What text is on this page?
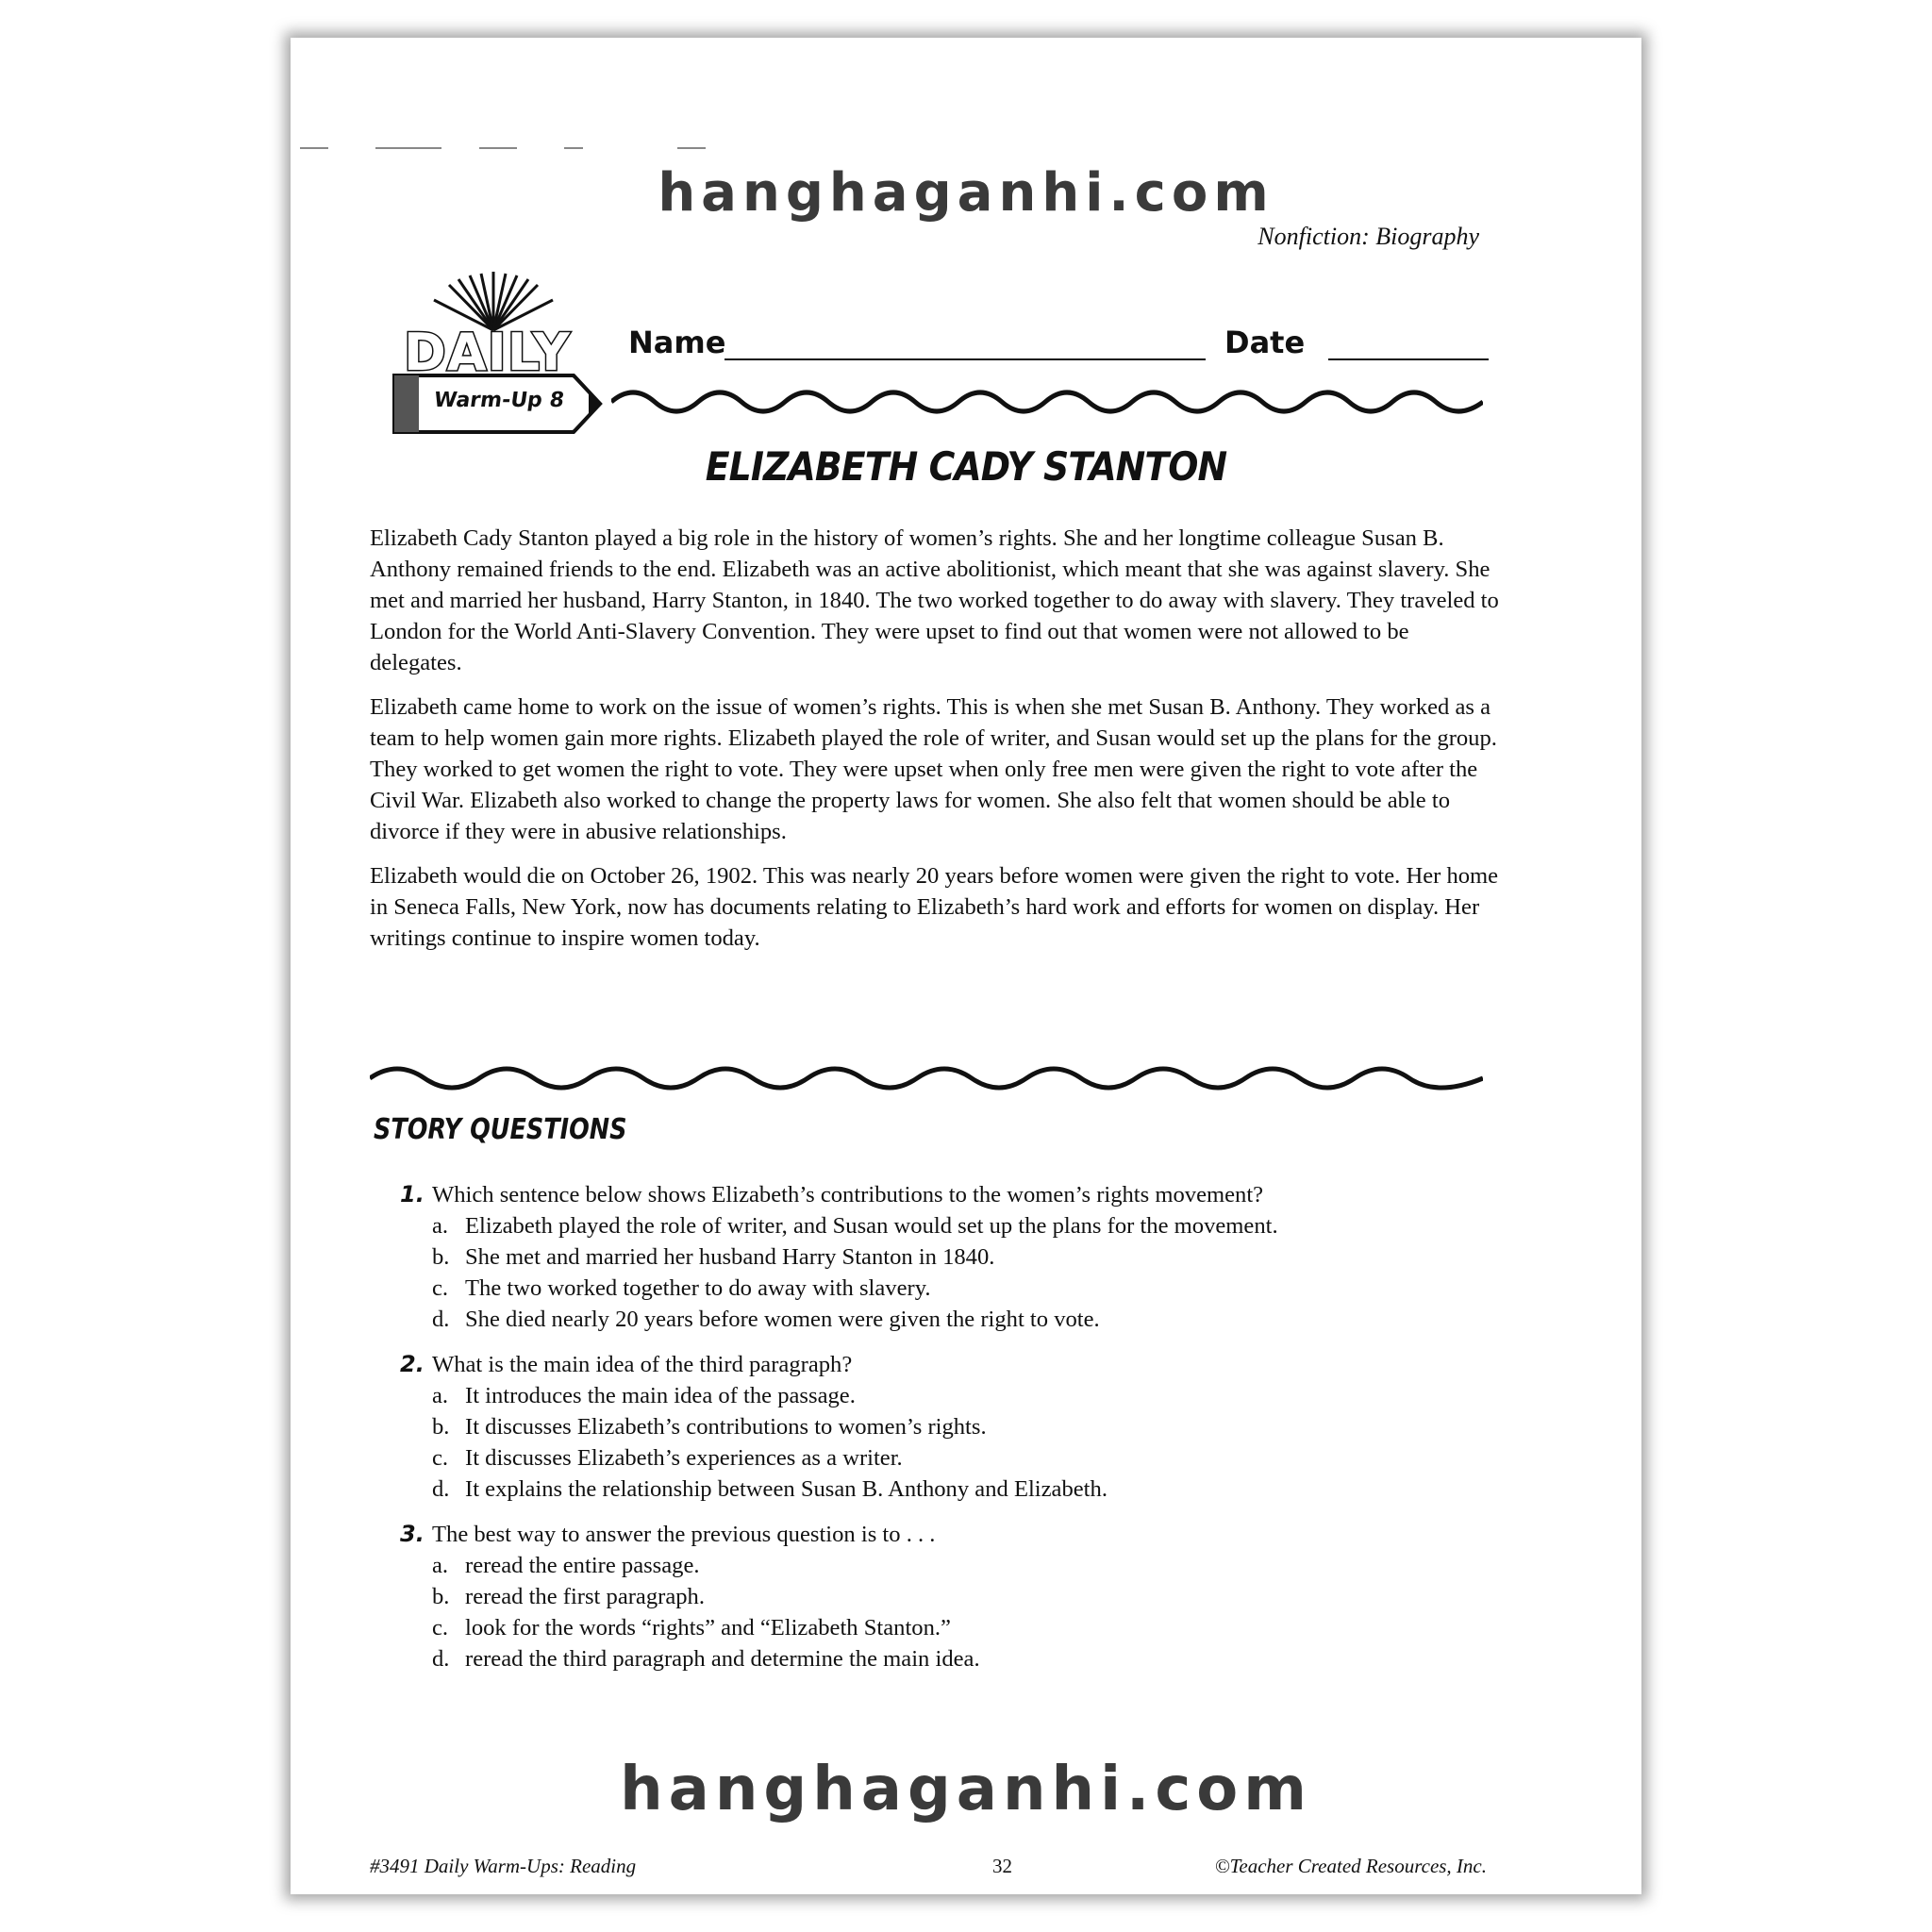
hanghaganhi.com
Nonfiction: Biography
DAILY
Warm-Up 8
Name	Date
ELIZABETH CADY STANTON

Elizabeth Cady Stanton played a big role in the history of women’s rights. She and her longtime colleague Susan B. Anthony remained friends to the end. Elizabeth was an active abolitionist, which meant that she was against slavery. She met and married her husband, Harry Stanton, in 1840. The two worked together to do away with slavery. They traveled to London for the World Anti-Slavery Convention. They were upset to find out that women were not allowed to be delegates.

Elizabeth came home to work on the issue of women’s rights. This is when she met Susan B. Anthony. They worked as a team to help women gain more rights. Elizabeth played the role of writer, and Susan would set up the plans for the group. They worked to get women the right to vote. They were upset when only free men were given the right to vote after the Civil War. Elizabeth also worked to change the property laws for women. She also felt that women should be able to divorce if they were in abusive relationships.

Elizabeth would die on October 26, 1902. This was nearly 20 years before women were given the right to vote. Her home in Seneca Falls, New York, now has documents relating to Elizabeth’s hard work and efforts for women on display. Her writings continue to inspire women today.

STORY QUESTIONS
1. Which sentence below shows Elizabeth’s contributions to the women’s rights movement?
a. Elizabeth played the role of writer, and Susan would set up the plans for the movement.
b. She met and married her husband Harry Stanton in 1840.
c. The two worked together to do away with slavery.
d. She died nearly 20 years before women were given the right to vote.
2. What is the main idea of the third paragraph?
a. It introduces the main idea of the passage.
b. It discusses Elizabeth’s contributions to women’s rights.
c. It discusses Elizabeth’s experiences as a writer.
d. It explains the relationship between Susan B. Anthony and Elizabeth.
3. The best way to answer the previous question is to . . .
a. reread the entire passage.
b. reread the first paragraph.
c. look for the words “rights” and “Elizabeth Stanton.”
d. reread the third paragraph and determine the main idea.
hanghaganhi.com
#3491 Daily Warm-Ups: Reading	32	©Teacher Created Resources, Inc.
